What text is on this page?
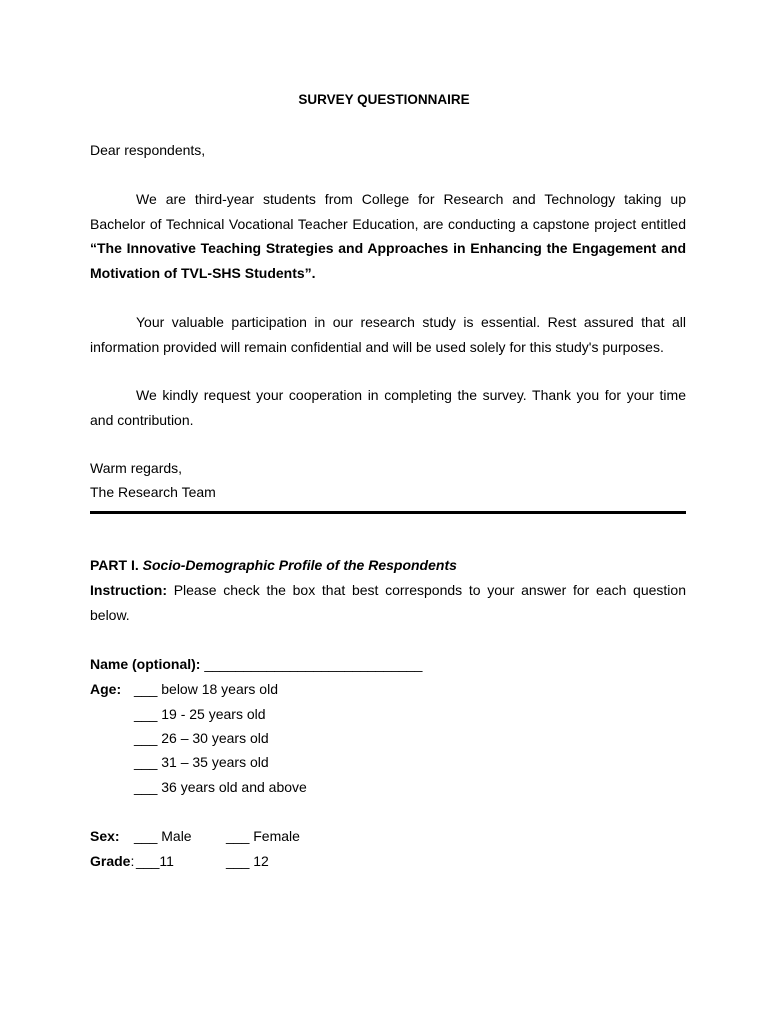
SURVEY QUESTIONNAIRE
Dear respondents,
We are third-year students from College for Research and Technology taking up Bachelor of Technical Vocational Teacher Education, are conducting a capstone project entitled “The Innovative Teaching Strategies and Approaches in Enhancing the Engagement and Motivation of TVL-SHS Students”.
Your valuable participation in our research study is essential. Rest assured that all information provided will remain confidential and will be used solely for this study's purposes.
We kindly request your cooperation in completing the survey. Thank you for your time and contribution.
Warm regards,
The Research Team
PART I. Socio-Demographic Profile of the Respondents
Instruction: Please check the box that best corresponds to your answer for each question below.
Name (optional): ____________________________
Age: ___ below 18 years old
___ 19 - 25 years old
___ 26 – 30 years old
___ 31 – 35 years old
___ 36 years old and above
Sex: ___ Male ___ Female
Grade: ___11	___ 12
